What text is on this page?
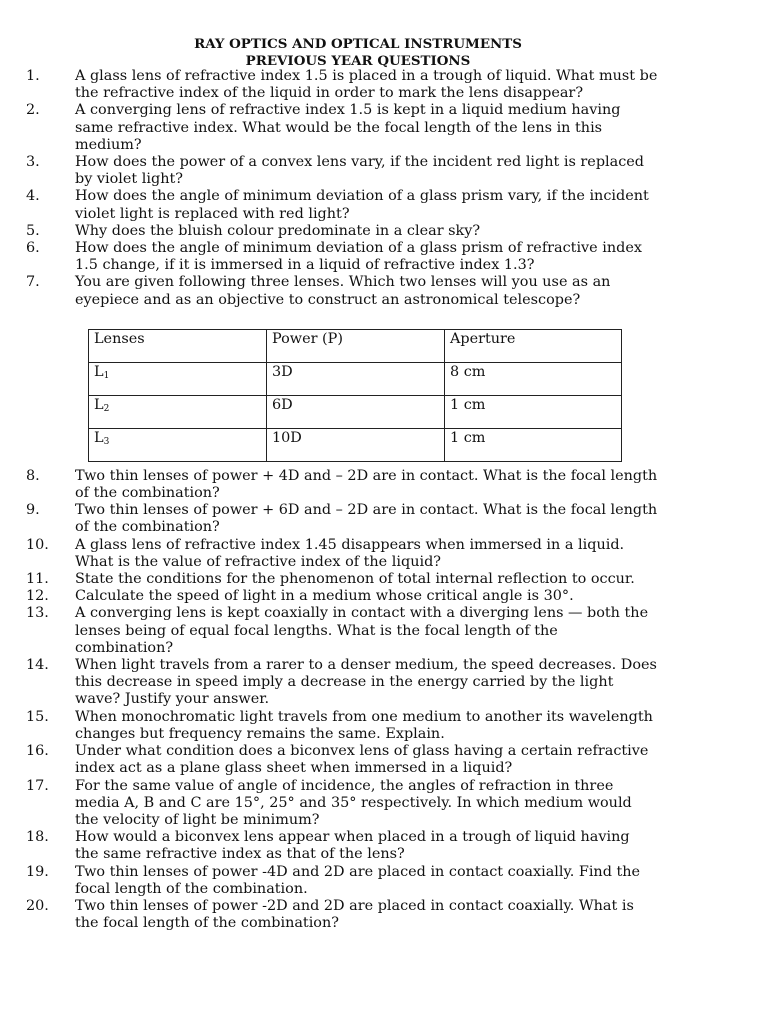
RAY OPTICS AND OPTICAL INSTRUMENTS
PREVIOUS YEAR QUESTIONS
1.	A glass lens of refractive index 1.5 is placed in a trough of liquid. What must be
the refractive index of the liquid in order to mark the lens disappear?
2.	A converging lens of refractive index 1.5 is kept in a liquid medium having
same refractive index. What would be the focal length of the lens in this
medium?
3.	How does the power of a convex lens vary, if the incident red light is replaced
by violet light?
4.	How does the angle of minimum deviation of a glass prism vary, if the incident
violet light is replaced with red light?
5.	Why does the bluish colour predominate in a clear sky?
6.	How does the angle of minimum deviation of a glass prism of refractive index
1.5 change, if it is immersed in a liquid of refractive index 1.3?
7.	You are given following three lenses. Which two lenses will you use as an
eyepiece and as an objective to construct an astronomical telescope?
Lenses	Power (P)	Aperture
$L_1$	3D	8 cm
$L_2$	6D	1 cm
$L_3$	10D	1 cm
8.	Two thin lenses of power + 4D and – 2D are in contact. What is the focal length
of the combination?
9.	Two thin lenses of power + 6D and – 2D are in contact. What is the focal length
of the combination?
10.	A glass lens of refractive index 1.45 disappears when immersed in a liquid.
What is the value of refractive index of the liquid?
11.	State the conditions for the phenomenon of total internal reflection to occur.
12.	Calculate the speed of light in a medium whose critical angle is 30°.
13.	A converging lens is kept coaxially in contact with a diverging lens — both the
lenses being of equal focal lengths. What is the focal length of the
combination?
14.	When light travels from a rarer to a denser medium, the speed decreases. Does
this decrease in speed imply a decrease in the energy carried by the light
wave? Justify your answer.
15.	When monochromatic light travels from one medium to another its wavelength
changes but frequency remains the same. Explain.
16.	Under what condition does a biconvex lens of glass having a certain refractive
index act as a plane glass sheet when immersed in a liquid?
17.	For the same value of angle of incidence, the angles of refraction in three
media A, B and C are 15°, 25° and 35° respectively. In which medium would
the velocity of light be minimum?
18.	How would a biconvex lens appear when placed in a trough of liquid having
the same refractive index as that of the lens?
19.	Two thin lenses of power -4D and 2D are placed in contact coaxially. Find the
focal length of the combination.
20.	Two thin lenses of power -2D and 2D are placed in contact coaxially. What is
the focal length of the combination?
